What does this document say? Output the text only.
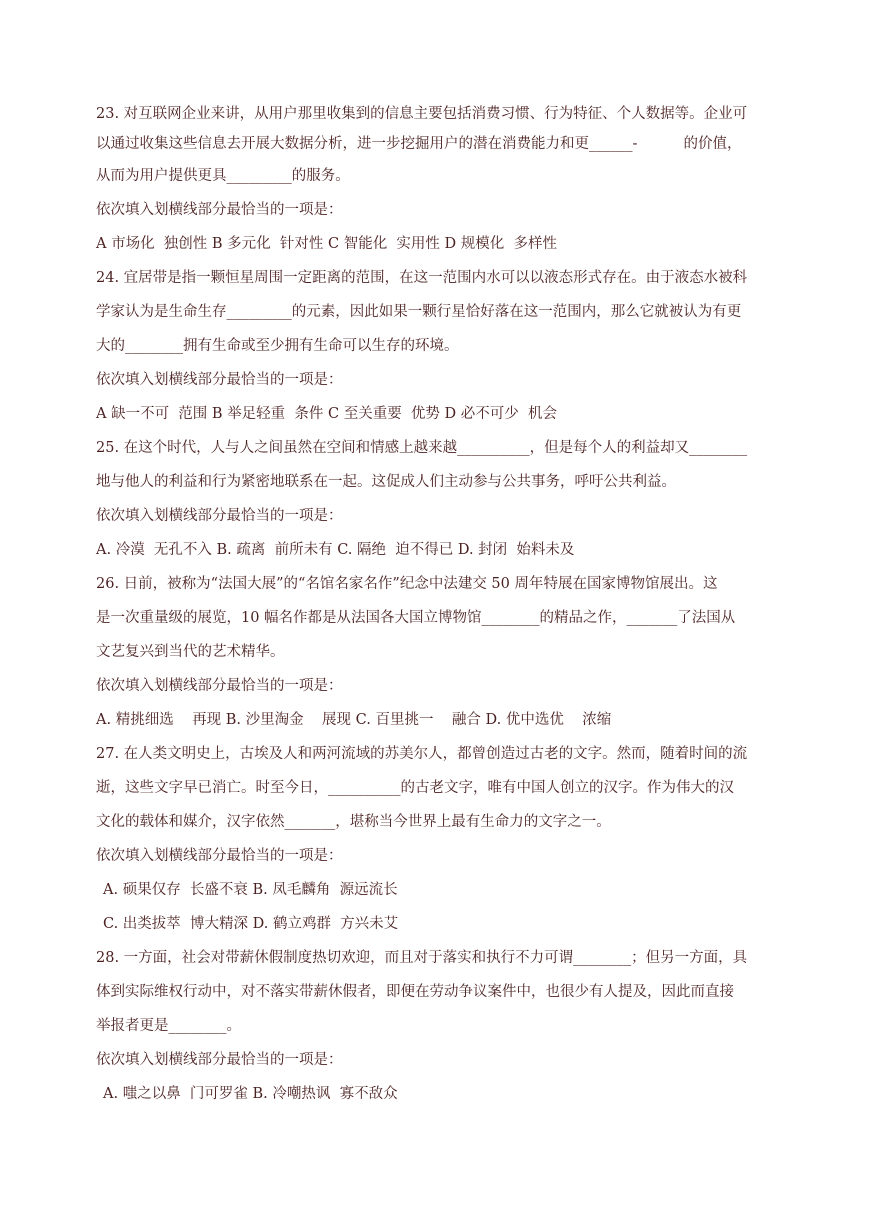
23. 对互联网企业来讲，从用户那里收集到的信息主要包括消费习惯、行为特征、个人数据等。企业可
以通过收集这些信息去开展大数据分析，进一步挖掘用户的潜在消费能力和更______-          的价值，
从而为用户提供更具_________的服务。
依次填入划横线部分最恰当的一项是：
A 市场化  独创性 B 多元化  针对性 C 智能化  实用性 D 规模化  多样性
24. 宜居带是指一颗恒星周围一定距离的范围，在这一范围内水可以以液态形式存在。由于液态水被科
学家认为是生命生存_________的元素，因此如果一颗行星恰好落在这一范围内，那么它就被认为有更
大的________拥有生命或至少拥有生命可以生存的环境。
依次填入划横线部分最恰当的一项是：
A 缺一不可  范围 B 举足轻重  条件 C 至关重要  优势 D 必不可少  机会
25. 在这个时代，人与人之间虽然在空间和情感上越来越__________，但是每个人的利益却又________
地与他人的利益和行为紧密地联系在一起。这促成人们主动参与公共事务，呼吁公共利益。
依次填入划横线部分最恰当的一项是：
A. 冷漠  无孔不入 B. 疏离  前所未有 C. 隔绝  迫不得已 D. 封闭  始料未及
26. 日前，被称为“法国大展”的“名馆名家名作”纪念中法建交 50 周年特展在国家博物馆展出。这
是一次重量级的展览，10 幅名作都是从法国各大国立博物馆________的精品之作，_______了法国从
文艺复兴到当代的艺术精华。
依次填入划横线部分最恰当的一项是：
A. 精挑细选    再现 B. 沙里淘金    展现 C. 百里挑一    融合 D. 优中选优    浓缩
27. 在人类文明史上，古埃及人和两河流域的苏美尔人，都曾创造过古老的文字。然而，随着时间的流
逝，这些文字早已消亡。时至今日，__________的古老文字，唯有中国人创立的汉字。作为伟大的汉
文化的载体和媒介，汉字依然_______，堪称当今世界上最有生命力的文字之一。
依次填入划横线部分最恰当的一项是：
A. 硕果仅存  长盛不衰 B. 凤毛麟角  源远流长
C. 出类拔萃  博大精深 D. 鹤立鸡群  方兴未艾
28. 一方面，社会对带薪休假制度热切欢迎，而且对于落实和执行不力可谓________；但另一方面，具
体到实际维权行动中，对不落实带薪休假者，即便在劳动争议案件中，也很少有人提及，因此而直接
举报者更是________。
依次填入划横线部分最恰当的一项是：
A. 嗤之以鼻  门可罗雀 B. 冷嘲热讽  寡不敌众
